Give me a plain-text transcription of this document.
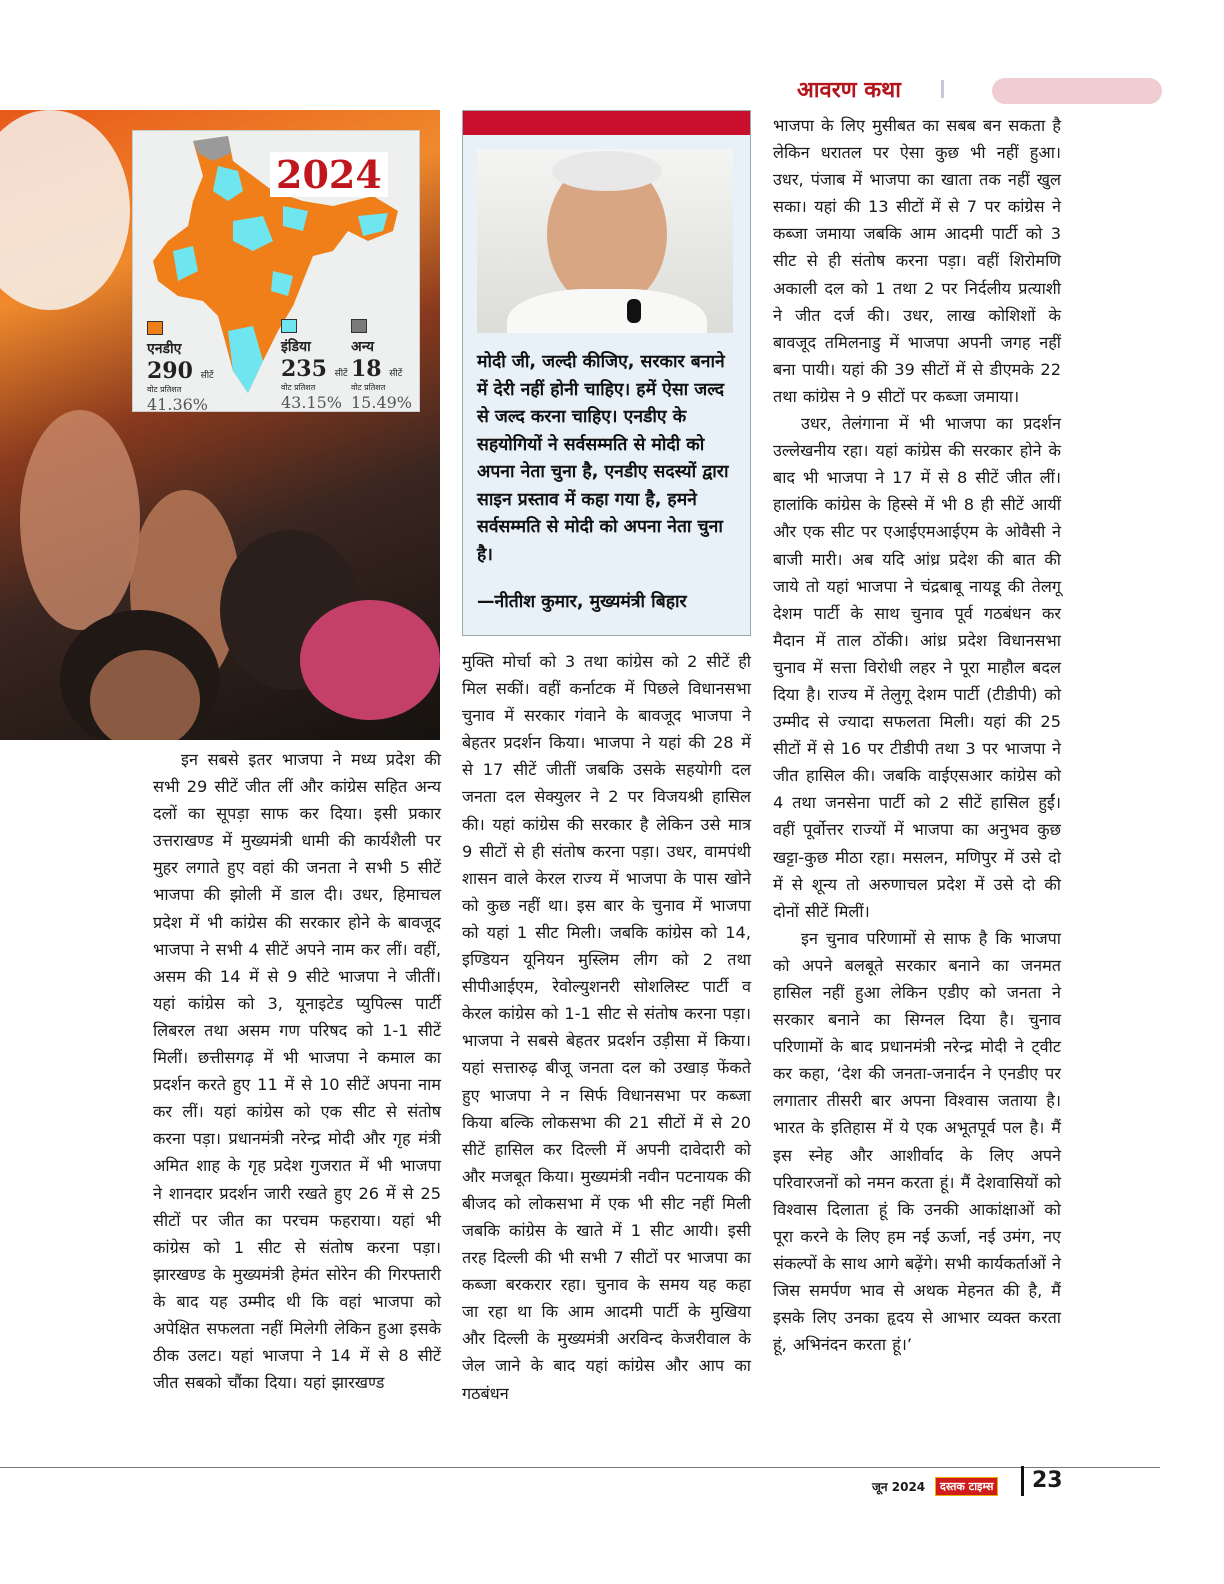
आवरण कथा
एनडीए
290 सीटें
वोट प्रतिशत
41.36%
इंडिया
235 सीटें
वोट प्रतिशत
43.15%
अन्य
18 सीटें
वोट प्रतिशत
15.49%
2024
मोदी जी, जल्दी कीजिए, सरकार बनाने में देरी नहीं होनी चाहिए। हमें ऐसा जल्द से जल्द करना चाहिए। एनडीए के सहयोगियों ने सर्वसम्मति से मोदी को अपना नेता चुना है, एनडीए सदस्यों द्वारा साइन प्रस्ताव में कहा गया है, हमने सर्वसम्मति से मोदी को अपना नेता चुना है।
—नीतीश कुमार, मुख्यमंत्री बिहार

इन सबसे इतर भाजपा ने मध्य प्रदेश की सभी 29 सीटें जीत लीं और कांग्रेस सहित अन्य दलों का सूपड़ा साफ कर दिया। इसी प्रकार उत्तराखण्ड में मुख्यमंत्री धामी की कार्यशैली पर मुहर लगाते हुए वहां की जनता ने सभी 5 सीटें भाजपा की झोली में डाल दी। उधर, हिमाचल प्रदेश में भी कांग्रेस की सरकार होने के बावजूद भाजपा ने सभी 4 सीटें अपने नाम कर लीं। वहीं, असम की 14 में से 9 सीटे भाजपा ने जीतीं। यहां कांग्रेस को 3, यूनाइटेड प्युपिल्स पार्टी लिबरल तथा असम गण परिषद को 1-1 सीटें मिलीं। छत्तीसगढ़ में भी भाजपा ने कमाल का प्रदर्शन करते हुए 11 में से 10 सीटें अपना नाम कर लीं। यहां कांग्रेस को एक सीट से संतोष करना पड़ा। प्रधानमंत्री नरेन्द्र मोदी और गृह मंत्री अमित शाह के गृह प्रदेश गुजरात में भी भाजपा ने शानदार प्रदर्शन जारी रखते हुए 26 में से 25 सीटों पर जीत का परचम फहराया। यहां भी कांग्रेस को 1 सीट से संतोष करना पड़ा। झारखण्ड के मुख्यमंत्री हेमंत सोरेन की गिरफ्तारी के बाद यह उम्मीद थी कि वहां भाजपा को अपेक्षित सफलता नहीं मिलेगी लेकिन हुआ इसके ठीक उलट। यहां भाजपा ने 14 में से 8 सीटें जीत सबको चौंका दिया। यहां झारखण्ड

मुक्ति मोर्चा को 3 तथा कांग्रेस को 2 सीटें ही मिल सकीं। वहीं कर्नाटक में पिछले विधानसभा चुनाव में सरकार गंवाने के बावजूद भाजपा ने बेहतर प्रदर्शन किया। भाजपा ने यहां की 28 में से 17 सीटें जीतीं जबकि उसके सहयोगी दल जनता दल सेक्युलर ने 2 पर विजयश्री हासिल की। यहां कांग्रेस की सरकार है लेकिन उसे मात्र 9 सीटों से ही संतोष करना पड़ा। उधर, वामपंथी शासन वाले केरल राज्य में भाजपा के पास खोने को कुछ नहीं था। इस बार के चुनाव में भाजपा को यहां 1 सीट मिली। जबकि कांग्रेस को 14, इण्डियन यूनियन मुस्लिम लीग को 2 तथा सीपीआईएम, रेवोल्युशनरी सोशलिस्ट पार्टी व केरल कांग्रेस को 1-1 सीट से संतोष करना पड़ा। भाजपा ने सबसे बेहतर प्रदर्शन उड़ीसा में किया। यहां सत्तारुढ़ बीजू जनता दल को उखाड़ फेंकते हुए भाजपा ने न सिर्फ विधानसभा पर कब्जा किया बल्कि लोकसभा की 21 सीटों में से 20 सीटें हासिल कर दिल्ली में अपनी दावेदारी को और मजबूत किया। मुख्यमंत्री नवीन पटनायक की बीजद को लोकसभा में एक भी सीट नहीं मिली जबकि कांग्रेस के खाते में 1 सीट आयी। इसी तरह दिल्ली की भी सभी 7 सीटों पर भाजपा का कब्जा बरकरार रहा। चुनाव के समय यह कहा जा रहा था कि आम आदमी पार्टी के मुखिया और दिल्ली के मुख्यमंत्री अरविन्द केजरीवाल के जेल जाने के बाद यहां कांग्रेस और आप का गठबंधन

भाजपा के लिए मुसीबत का सबब बन सकता है लेकिन धरातल पर ऐसा कुछ भी नहीं हुआ। उधर, पंजाब में भाजपा का खाता तक नहीं खुल सका। यहां की 13 सीटों में से 7 पर कांग्रेस ने कब्जा जमाया जबकि आम आदमी पार्टी को 3 सीट से ही संतोष करना पड़ा। वहीं शिरोमणि अकाली दल को 1 तथा 2 पर निर्दलीय प्रत्याशी ने जीत दर्ज की। उधर, लाख कोशिशों के बावजूद तमिलनाडु में भाजपा अपनी जगह नहीं बना पायी। यहां की 39 सीटों में से डीएमके 22 तथा कांग्रेस ने 9 सीटों पर कब्जा जमाया।

उधर, तेलंगाना में भी भाजपा का प्रदर्शन उल्लेखनीय रहा। यहां कांग्रेस की सरकार होने के बाद भी भाजपा ने 17 में से 8 सीटें जीत लीं। हालांकि कांग्रेस के हिस्से में भी 8 ही सीटें आयीं और एक सीट पर एआईएमआईएम के ओवैसी ने बाजी मारी। अब यदि आंध्र प्रदेश की बात की जाये तो यहां भाजपा ने चंद्रबाबू नायडू की तेलगू देशम पार्टी के साथ चुनाव पूर्व गठबंधन कर मैदान में ताल ठोंकी। आंध्र प्रदेश विधानसभा चुनाव में सत्ता विरोधी लहर ने पूरा माहौल बदल दिया है। राज्य में तेलुगू देशम पार्टी (टीडीपी) को उम्मीद से ज्यादा सफलता मिली। यहां की 25 सीटों में से 16 पर टीडीपी तथा 3 पर भाजपा ने जीत हासिल की। जबकि वाईएसआर कांग्रेस को 4 तथा जनसेना पार्टी को 2 सीटें हासिल हुईं। वहीं पूर्वोत्तर राज्यों में भाजपा का अनुभव कुछ खट्टा-कुछ मीठा रहा। मसलन, मणिपुर में उसे दो में से शून्य तो अरुणाचल प्रदेश में उसे दो की दोनों सीटें मिलीं।

इन चुनाव परिणामों से साफ है कि भाजपा को अपने बलबूते सरकार बनाने का जनमत हासिल नहीं हुआ लेकिन एडीए को जनता ने सरकार बनाने का सिग्नल दिया है। चुनाव परिणामों के बाद प्रधानमंत्री नरेन्द्र मोदी ने ट्वीट कर कहा, ‘देश की जनता-जनार्दन ने एनडीए पर लगातार तीसरी बार अपना विश्वास जताया है। भारत के इतिहास में ये एक अभूतपूर्व पल है। मैं इस स्नेह और आशीर्वाद के लिए अपने परिवारजनों को नमन करता हूं। मैं देशवासियों को विश्वास दिलाता हूं कि उनकी आकांक्षाओं को पूरा करने के लिए हम नई ऊर्जा, नई उमंग, नए संकल्पों के साथ आगे बढ़ेंगे। सभी कार्यकर्ताओं ने जिस समर्पण भाव से अथक मेहनत की है, मैं इसके लिए उनका हृदय से आभार व्यक्त करता हूं, अभिनंदन करता हूं।’

जून 2024	दस्तक टाइम्स 23
